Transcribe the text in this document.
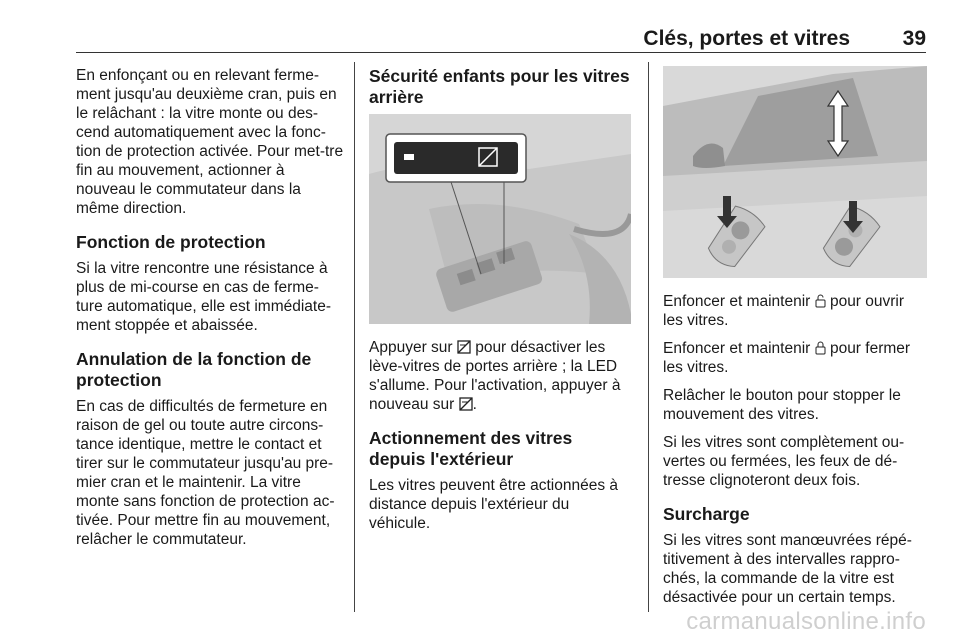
Clés, portes et vitres	39

En enfonçant ou en relevant ferme-ment jusqu'au deuxième cran, puis en le relâchant : la vitre monte ou des-cend automatiquement avec la fonc-tion de protection activée. Pour met-tre fin au mouvement, actionner à nouveau le commutateur dans la même direction.

Fonction de protection

Si la vitre rencontre une résistance à plus de mi-course en cas de ferme-ture automatique, elle est immédiate-ment stoppée et abaissée.

Annulation de la fonction de protection

En cas de difficultés de fermeture en raison de gel ou toute autre circons-tance identique, mettre le contact et tirer sur le commutateur jusqu'au pre-mier cran et le maintenir. La vitre monte sans fonction de protection ac-tivée. Pour mettre fin au mouvement, relâcher le commutateur.

Sécurité enfants pour les vitres arrière

Appuyer sur  pour désactiver les lève-vitres de portes arrière ; la LED s'allume. Pour l'activation, appuyer à nouveau sur .

Actionnement des vitres depuis l'extérieur

Les vitres peuvent être actionnées à distance depuis l'extérieur du véhicule.

Enfoncer et maintenir  pour ouvrir les vitres.

Enfoncer et maintenir  pour fermer les vitres.

Relâcher le bouton pour stopper le mouvement des vitres.

Si les vitres sont complètement ou-vertes ou fermées, les feux de dé-tresse clignoteront deux fois.

Surcharge

Si les vitres sont manœuvrées répé-titivement à des intervalles rappro-chés, la commande de la vitre est désactivée pour un certain temps.

carmanualsonline.info
